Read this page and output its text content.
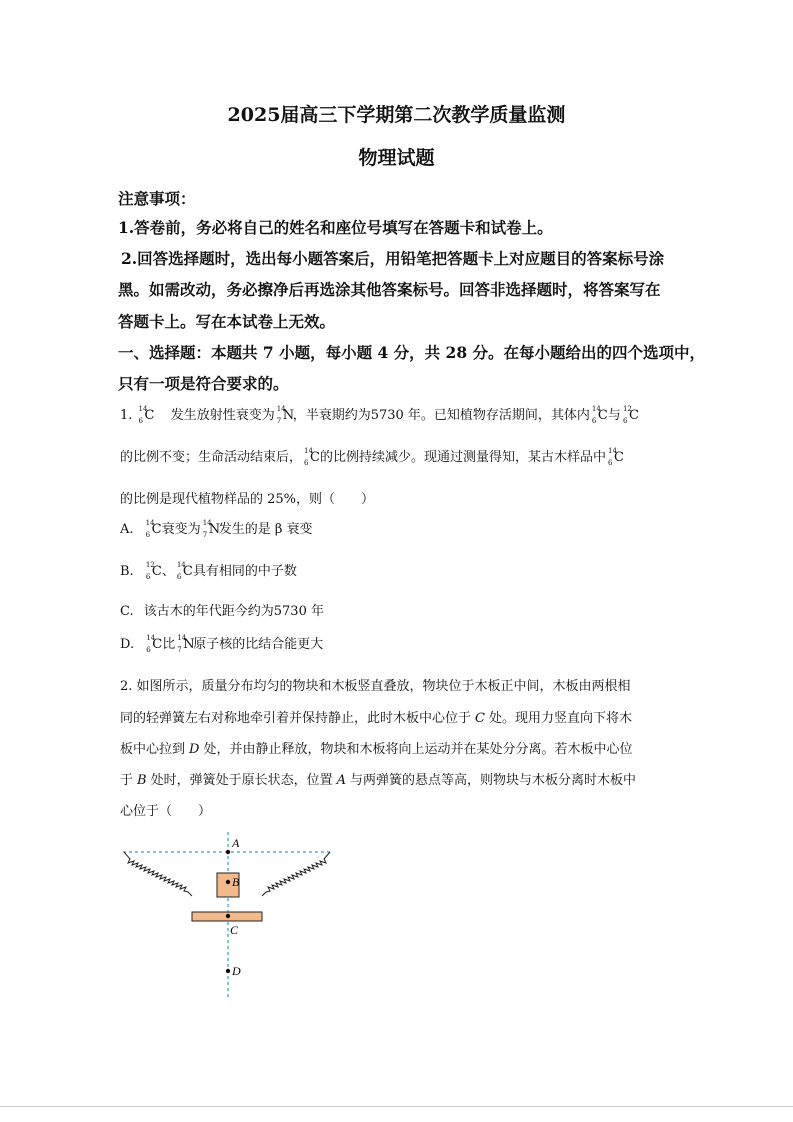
2025届高三下学期第二次教学质量监测
物理试题
注意事项：
1.答卷前，务必将自己的姓名和座位号填写在答题卡和试卷上。
2.回答选择题时，选出每小题答案后，用铅笔把答题卡上对应题目的答案标号涂
黑。如需改动，务必擦净后再选涂其他答案标号。回答非选择题时，将答案写在
答题卡上。写在本试卷上无效。
一、选择题：本题共 7 小题，每小题 4 分，共 28 分。在每小题给出的四个选项中，
只有一项是符合要求的。
1. 14
6 C 发生放射性衰变为 14
7 N
，半衰期约为5730 年。已知植物存活期间，其体内 14
6 C 与 12
6 C
的比例不变；生命活动结束后， 14
6 C 的比例持续减少。现通过测量得知，某古木样品中 14
6 C
的比例是现代植物样品的 25%，则（　　）
A. 14
6 C 衰变为 14
7 N
发生的是 β 衰变
B. 12
6 C 、 14
6 C 具有相同的中子数
C. 该古木的年代距今约为5730 年
D. 14
6 C 比 14
7 N
原子核的比结合能更大
2. 如图所示，质量分布均匀的物块和木板竖直叠放，物块位于木板正中间，木板由两根相
同的轻弹簧左右对称地牵引着并保持静止，此时木板中心位于 C 处。现用力竖直向下将木
板中心拉到 D 处，并由静止释放，物块和木板将向上运动并在某处分分离。若木板中心位
于 B 处时，弹簧处于原长状态，位置 A 与两弹簧的悬点等高，则物块与木板分离时木板中
心位于（　　）
A
B
C
D
